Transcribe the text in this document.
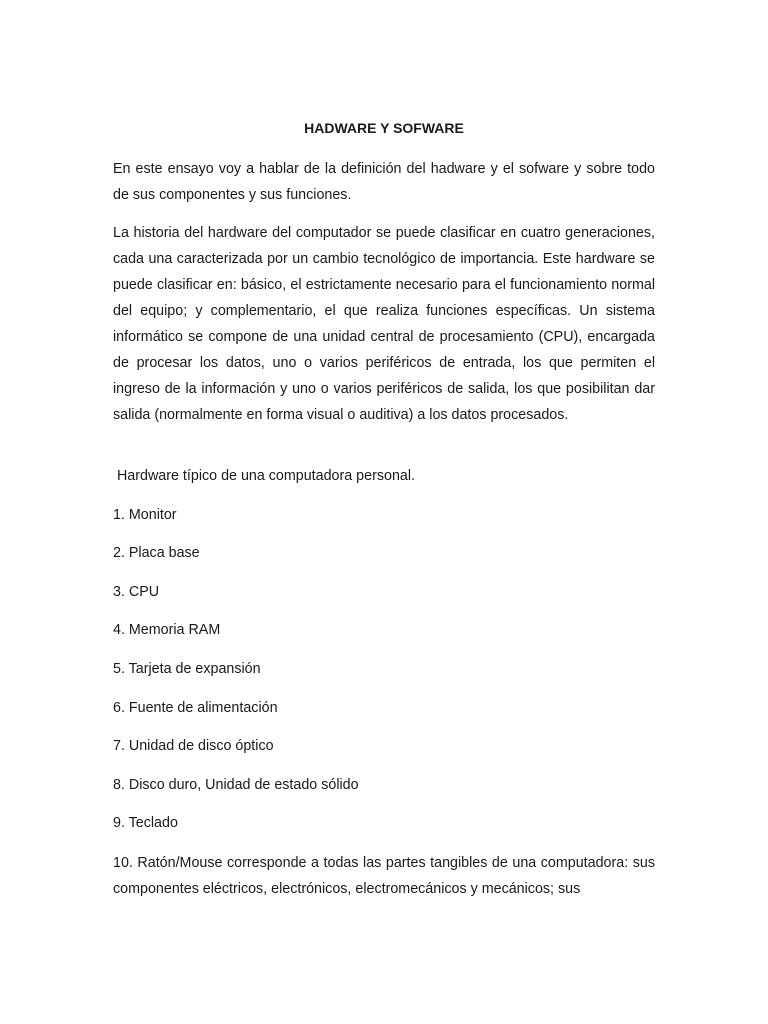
HADWARE Y SOFWARE

En este ensayo voy a hablar de la definición del hadware y el sofware y sobre todo de sus componentes y sus funciones.

La historia del hardware del computador se puede clasificar en cuatro generaciones, cada una caracterizada por un cambio tecnológico de importancia. Este hardware se puede clasificar en: básico, el estrictamente necesario para el funcionamiento normal del equipo; y complementario, el que realiza funciones específicas. Un sistema informático se compone de una unidad central de procesamiento (CPU), encargada de procesar los datos, uno o varios periféricos de entrada, los que permiten el ingreso de la información y uno o varios periféricos de salida, los que posibilitan dar salida (normalmente en forma visual o auditiva) a los datos procesados.

Hardware típico de una computadora personal.

1. Monitor

2. Placa base

3. CPU

4. Memoria RAM

5. Tarjeta de expansión

6. Fuente de alimentación

7. Unidad de disco óptico

8. Disco duro, Unidad de estado sólido

9. Teclado

10. Ratón/Mouse corresponde a todas las partes tangibles de una computadora: sus componentes eléctricos, electrónicos, electromecánicos y mecánicos; sus
